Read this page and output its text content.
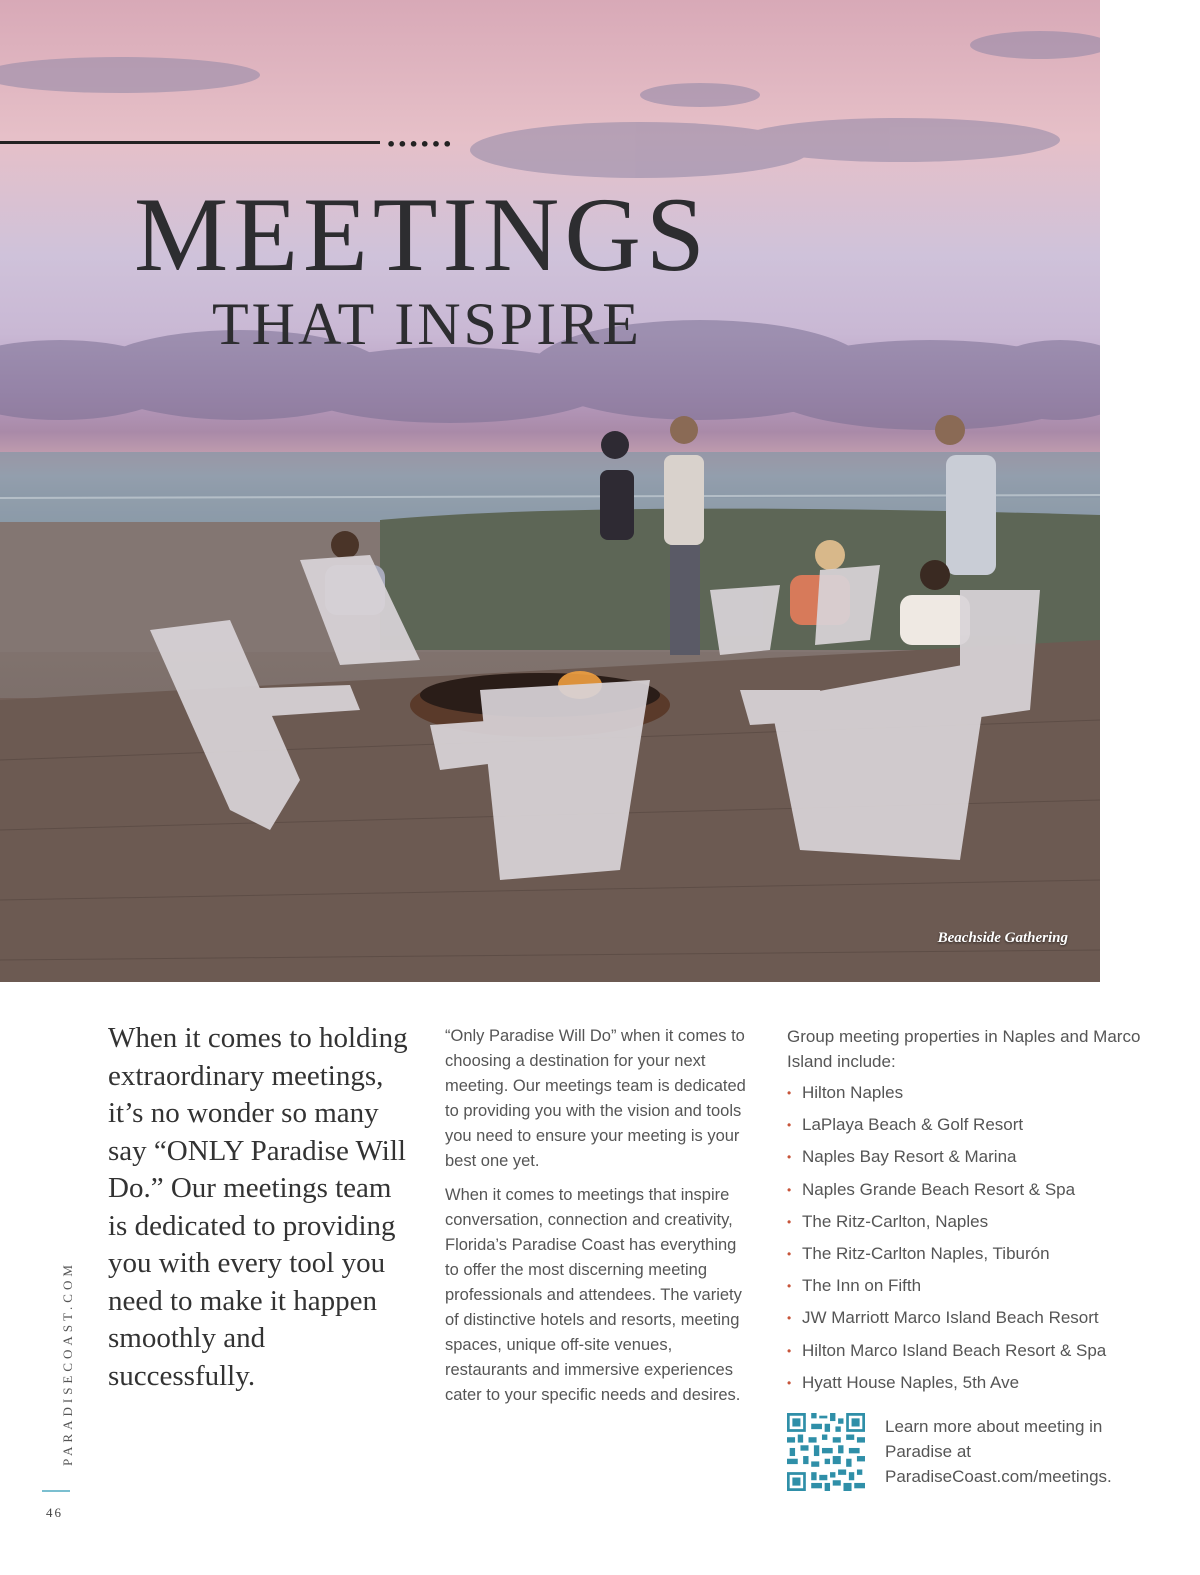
••••••
MEETINGS
THAT INSPIRE
Beachside Gathering

When it comes to holding extraordinary meetings, it’s no wonder so many say “ONLY Paradise Will Do.” Our meetings team is dedicated to providing you with every tool you need to make it happen smoothly and successfully.

“Only Paradise Will Do” when it comes to choosing a destination for your next meeting. Our meetings team is dedicated to providing you with the vision and tools you need to ensure your meeting is your best one yet.

When it comes to meetings that inspire conversation, connection and creativity, Florida’s Paradise Coast has everything to offer the most discerning meeting professionals and attendees. The variety of distinctive hotels and resorts, meeting spaces, unique off-site venues, restaurants and immersive experiences cater to your specific needs and desires.

Group meeting properties in Naples and Marco Island include:

• Hilton Naples
• LaPlaya Beach & Golf Resort
• Naples Bay Resort & Marina
• Naples Grande Beach Resort & Spa
• The Ritz-Carlton, Naples
• The Ritz-Carlton Naples, Tiburón
• The Inn on Fifth
• JW Marriott Marco Island Beach Resort
• Hilton Marco Island Beach Resort & Spa
• Hyatt House Naples, 5th Ave

Learn more about meeting in Paradise at ParadiseCoast.com/meetings.

PARADISECOAST.COM
46
